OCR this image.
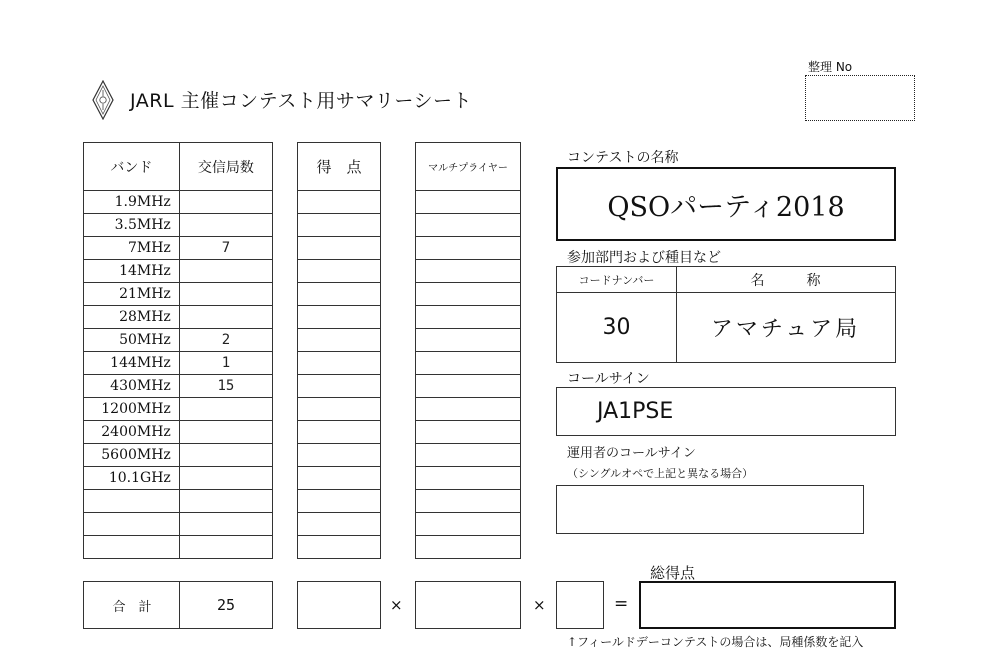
JARL 主催コンテスト用サマリーシート
整理 No
バンド	交信局数
1.9MHz	
3.5MHz	
7MHz	7
14MHz	
21MHz	
28MHz	
50MHz	2
144MHz	1
430MHz	15
1200MHz	
2400MHz	
5600MHz	
10.1GHz	

合　計	25
得　点

×
マルチプライヤー

×	=
コンテストの名称
QSOパーティ2018
参加部門および種目など
コードナンバー	名　　　称
30	アマチュア局
コールサイン
JA1PSE
運用者のコールサイン
（シングルオペで上記と異なる場合）
総得点
↑フィールドデーコンテストの場合は、局種係数を記入
